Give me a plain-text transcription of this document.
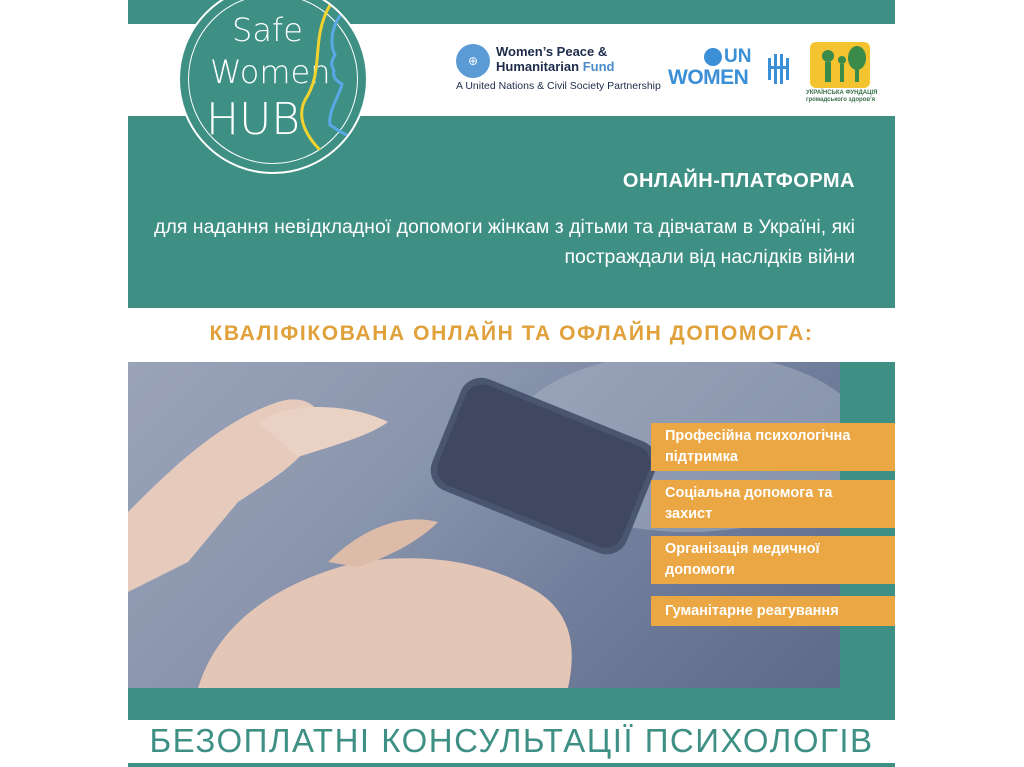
⊕
Women’s Peace &
Humanitarian Fund
A United Nations & Civil Society Partnership
UN
WOMEN
УКРАЇНСЬКА ФУНДАЦІЯ громадського здоров’я
Safe
Women
HUB
ОНЛАЙН-ПЛАТФОРМА
для надання невідкладної допомоги жінкам з дітьми та дівчатам в Україні, які постраждали від наслідків війни
КВАЛІФІКОВАНА ОНЛАЙН ТА ОФЛАЙН ДОПОМОГА:
Професійна психологічна підтримка
Соціальна допомога та захист
Організація медичної допомоги
Гуманітарне реагування
БЕЗОПЛАТНІ КОНСУЛЬТАЦІЇ ПСИХОЛОГІВ
